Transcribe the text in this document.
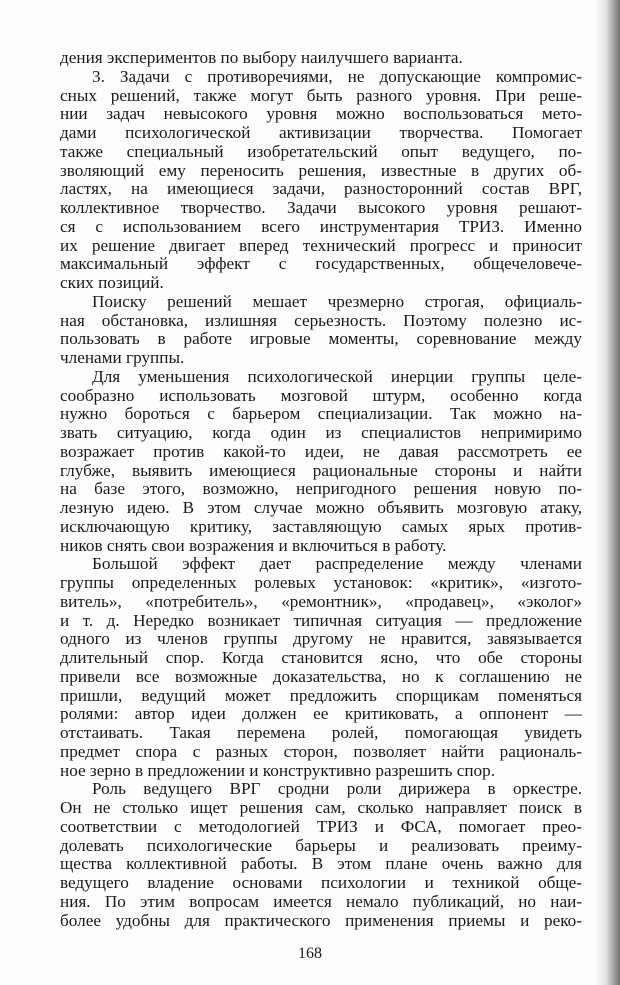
дения экспериментов по выбору наилучшего варианта.
3. Задачи с противоречиями, не допускающие компромис-
сных решений, также могут быть разного уровня. При реше-
нии задач невысокого уровня можно воспользоваться мето-
дами психологической активизации творчества. Помогает
также специальный изобретательский опыт ведущего, по-
зволяющий ему переносить решения, известные в других об-
ластях, на имеющиеся задачи, разносторонний состав ВРГ,
коллективное творчество. Задачи высокого уровня решают-
ся с использованием всего инструментария ТРИЗ. Именно
их решение двигает вперед технический прогресс и приносит
максимальный эффект с государственных, общечеловече-
ских позиций.
Поиску решений мешает чрезмерно строгая, официаль-
ная обстановка, излишняя серьезность. Поэтому полезно ис-
пользовать в работе игровые моменты, соревнование между
членами группы.
Для уменьшения психологической инерции группы целе-
сообразно использовать мозговой штурм, особенно когда
нужно бороться с барьером специализации. Так можно на-
звать ситуацию, когда один из специалистов непримиримо
возражает против какой-то идеи, не давая рассмотреть ее
глубже, выявить имеющиеся рациональные стороны и найти
на базе этого, возможно, непригодного решения новую по-
лезную идею. В этом случае можно объявить мозговую атаку,
исключающую критику, заставляющую самых ярых против-
ников снять свои возражения и включиться в работу.
Большой эффект дает распределение между членами
группы определенных ролевых установок: «критик», «изгото-
витель», «потребитель», «ремонтник», «продавец», «эколог»
и т. д. Нередко возникает типичная ситуация — предложение
одного из членов группы другому не нравится, завязывается
длительный спор. Когда становится ясно, что обе стороны
привели все возможные доказательства, но к соглашению не
пришли, ведущий может предложить спорщикам поменяться
ролями: автор идеи должен ее критиковать, а оппонент —
отстаивать. Такая перемена ролей, помогающая увидеть
предмет спора с разных сторон, позволяет найти рациональ-
ное зерно в предложении и конструктивно разрешить спор.
Роль ведущего ВРГ сродни роли дирижера в оркестре.
Он не столько ищет решения сам, сколько направляет поиск в
соответствии с методологией ТРИЗ и ФСА, помогает прео-
долевать психологические барьеры и реализовать преиму-
щества коллективной работы. В этом плане очень важно для
ведущего владение основами психологии и техникой обще-
ния. По этим вопросам имеется немало публикаций, но наи-
более удобны для практического применения приемы и реко-
168
